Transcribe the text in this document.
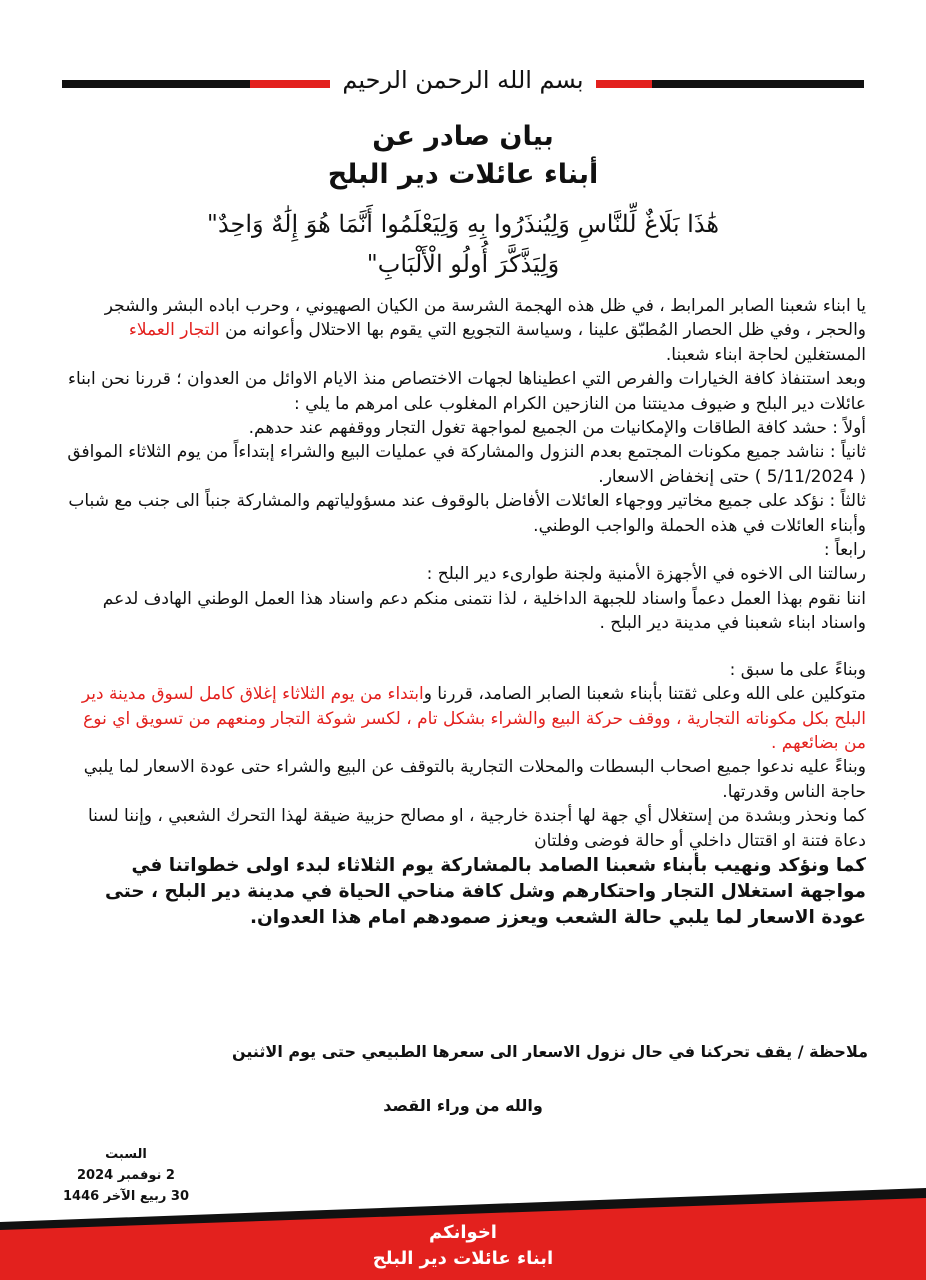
بسم الله الرحمن الرحيم
بيان صادر عن
أبناء عائلات دير البلح
هَٰذَا بَلَاغٌ لِّلنَّاسِ وَلِيُنذَرُوا بِهِ وَلِيَعْلَمُوا أَنَّمَا هُوَ إِلَٰهٌ وَاحِدٌ"
وَلِيَذَّكَّرَ أُولُو الْأَلْبَابِ"

يا ابناء شعبنا الصابر المرابط ، في ظل هذه الهجمة الشرسة من الكيان الصهيوني ، وحرب اباده البشر والشجر والحجر ، وفي ظل الحصار المُطبّق علينا ، وسياسة التجويع التي يقوم بها الاحتلال وأعوانه من التجار العملاء المستغلين لحاجة ابناء شعبنا.

وبعد استنفاذ كافة الخيارات والفرص التي اعطيناها لجهات الاختصاص منذ الايام الاوائل من العدوان ؛ قررنا نحن ابناء عائلات دير البلح و ضيوف مدينتنا من النازحين الكرام المغلوب على امرهم ما يلي :

أولاً : حشد كافة الطاقات والإمكانيات من الجميع لمواجهة تغول التجار ووقفهم عند حدهم.

ثانياً : نناشد جميع مكونات المجتمع بعدم النزول والمشاركة في عمليات البيع والشراء إبتداءاً من يوم الثلاثاء الموافق ( 5/11/2024 ) حتى إنخفاض الاسعار.

ثالثاً : نؤكد على جميع مخاتير ووجهاء العائلات الأفاضل بالوقوف عند مسؤولياتهم والمشاركة جنباً الى جنب مع شباب وأبناء العائلات في هذه الحملة والواجب الوطني.

رابعاً :

رسالتنا الى الاخوه في الأجهزة الأمنية ولجنة طوارىء دير البلح :

اننا نقوم بهذا العمل دعماً واسناد للجبهة الداخلية ، لذا نتمنى منكم دعم واسناد هذا العمل الوطني الهادف لدعم واسناد ابناء شعبنا في مدينة دير البلح .

وبناءً على ما سبق :

متوكلين على الله وعلى ثقتنا بأبناء شعبنا الصابر الصامد، قررنا وابتداء من يوم الثلاثاء إغلاق كامل لسوق مدينة دير البلح بكل مكوناته التجارية ، ووقف حركة البيع والشراء بشكل تام ، لكسر شوكة التجار ومنعهم من تسويق اي نوع من بضائعهم .

وبناءً عليه ندعوا جميع اصحاب البسطات والمحلات التجارية بالتوقف عن البيع والشراء حتى عودة الاسعار لما يلبي حاجة الناس وقدرتها.

كما ونحذر وبشدة من إستغلال أي جهة لها أجندة خارجية ، او مصالح حزبية ضيقة لهذا التحرك الشعبي ، وإننا لسنا دعاة فتنة او اقتتال داخلي أو حالة فوضى وفلتان

كما ونؤكد ونهيب بأبناء شعبنا الصامد بالمشاركة يوم الثلاثاء لبدء اولى خطواتنا في مواجهة استغلال التجار واحتكارهم وشل كافة مناحي الحياة في مدينة دير البلح ، حتى عودة الاسعار لما يلبي حالة الشعب ويعزز صمودهم امام هذا العدوان.

ملاحظة / يقف تحركنا في حال نزول الاسعار الى سعرها الطبيعي حتى يوم الاثنين
والله من وراء القصد
السبت
2 نوفمبر 2024
30 ربيع الآخر 1446
اخوانكم
ابناء عائلات دير البلح
